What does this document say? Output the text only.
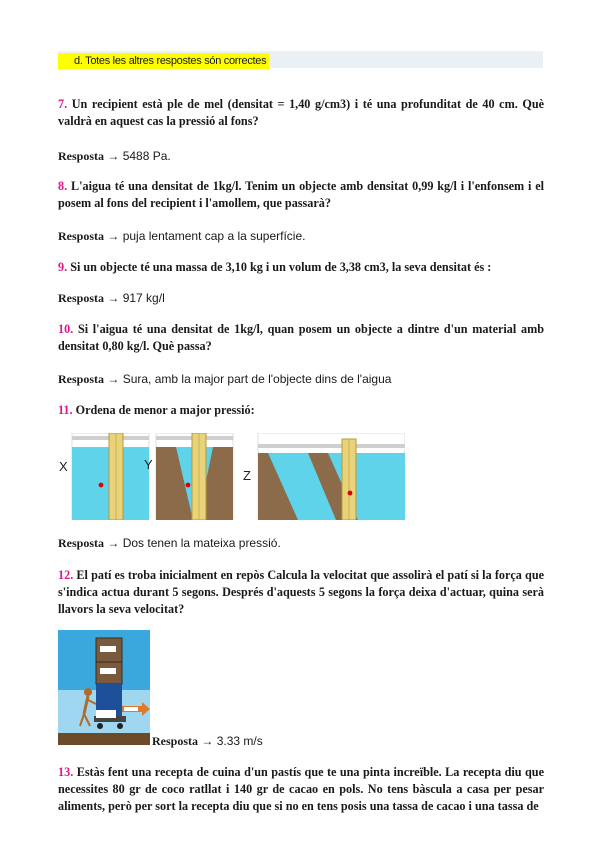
d. Totes les altres respostes són correctes
7. Un recipient està ple de mel (densitat = 1,40 g/cm3) i té una profunditat de 40 cm. Què valdrà en aquest cas la pressió al fons?
Resposta → 5488 Pa.
8. L'aigua té una densitat de 1kg/l. Tenim un objecte amb densitat 0,99 kg/l i l'enfonsem i el posem al fons del recipient i l'amollem, que passarà?
Resposta → puja lentament cap a la superfície.
9. Si un objecte té una massa de 3,10 kg i un volum de 3,38 cm3, la seva densitat és :
Resposta → 917 kg/l
10. Si l'aigua té una densitat de 1kg/l, quan posem un objecte a dintre d'un material amb densitat 0,80 kg/l. Què passa?
Resposta → Sura, amb la major part de l'objecte dins de l'aigua
11. Ordena de menor a major pressió:
X	Y
Z
Resposta → Dos tenen la mateixa pressió.
12. El patí es troba inicialment en repòs Calcula la velocitat que assolirà el patí si la força que s'indica actua durant 5 segons. Després d'aquests 5 segons la força deixa d'actuar, quina serà llavors la seva velocitat?
Resposta → 3.33 m/s
13. Estàs fent una recepta de cuina d'un pastís que te una pinta increïble. La recepta diu que necessites 80 gr de coco ratllat i 140 gr de cacao en pols. No tens bàscula a casa per pesar aliments, però per sort la recepta diu que si no en tens posis una tassa de cacao i una tassa de
